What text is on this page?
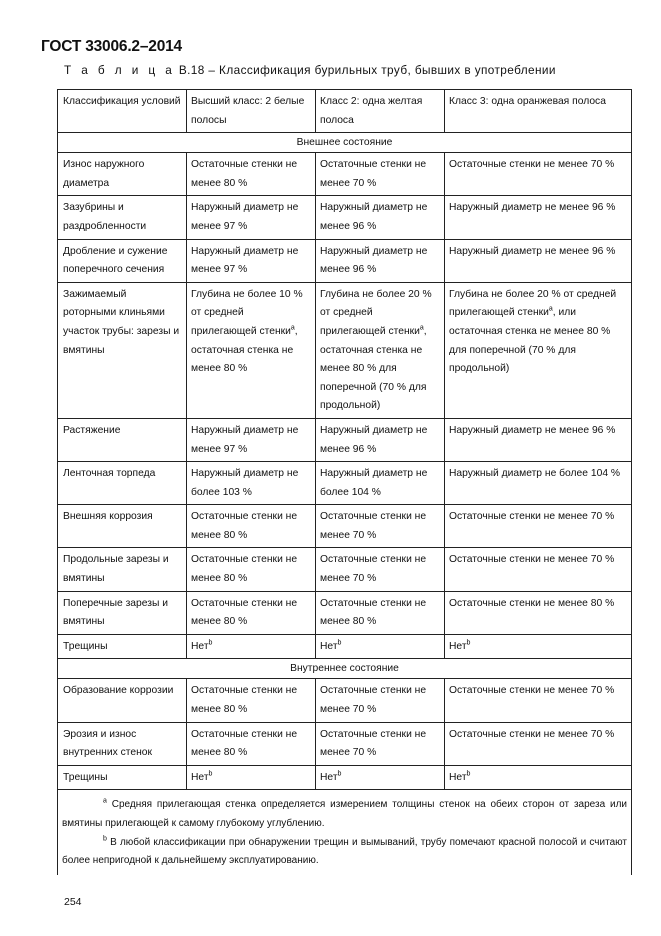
ГОСТ 33006.2–2014
Т а б л и ц а В.18 – Классификация бурильных труб, бывших в употреблении
Классификация условий	Высший класс: 2 белые полосы	Класс 2: одна желтая полоса	Класс 3: одна оранжевая полоса
Внешнее состояние			
Износ наружного диаметра	Остаточные стенки не менее 80 %	Остаточные стенки не менее 70 %	Остаточные стенки не менее 70 %
Зазубрины и раздробленности	Наружный диаметр не менее 97 %	Наружный диаметр не менее 96 %	Наружный диаметр не менее 96 %
Дробление и сужение поперечного сечения	Наружный диаметр не менее 97 %	Наружный диаметр не менее 96 %	Наружный диаметр не менее 96 %
Зажимаемый роторными клиньями участок трубы: зарезы и вмятины	Глубина не более 10 % от средней прилегающей стенки$^a$, остаточная стенка не менее 80 %	Глубина не более 20 % от средней прилегающей стенки$^a$, остаточная стенка не менее 80 % для поперечной (70 % для продольной)	Глубина не более 20 % от средней прилегающей стенки$^a$, или остаточная стенка не менее 80 % для поперечной (70 % для продольной)
Растяжение	Наружный диаметр не менее 97 %	Наружный диаметр не менее 96 %	Наружный диаметр не менее 96 %
Ленточная торпеда	Наружный диаметр не более 103 %	Наружный диаметр не более 104 %	Наружный диаметр не более 104 %
Внешняя коррозия	Остаточные стенки не менее 80 %	Остаточные стенки не менее 70 %	Остаточные стенки не менее 70 %
Продольные зарезы и вмятины	Остаточные стенки не менее 80 %	Остаточные стенки не менее 70 %	Остаточные стенки не менее 70 %
Поперечные зарезы и вмятины	Остаточные стенки не менее 80 %	Остаточные стенки не менее 80 %	Остаточные стенки не менее 80 %
Трещины	Нет$^b$	Нет$^b$	Нет$^b$
Внутреннее состояние			
Образование коррозии	Остаточные стенки не менее 80 %	Остаточные стенки не менее 70 %	Остаточные стенки не менее 70 %
Эрозия и износ внутренних стенок	Остаточные стенки не менее 80 %	Остаточные стенки не менее 70 %	Остаточные стенки не менее 70 %
Трещины	Нет$^b$	Нет$^b$	Нет$^b$

$^a$ Средняя прилегающая стенка определяется измерением толщины стенок на обеих сторон от зареза или вмятины прилегающей к самому глубокому углублению.

$^b$ В любой классификации при обнаружении трещин и вымываний, трубу помечают красной полосой и считают более непригодной к дальнейшему эксплуатированию.			

254
